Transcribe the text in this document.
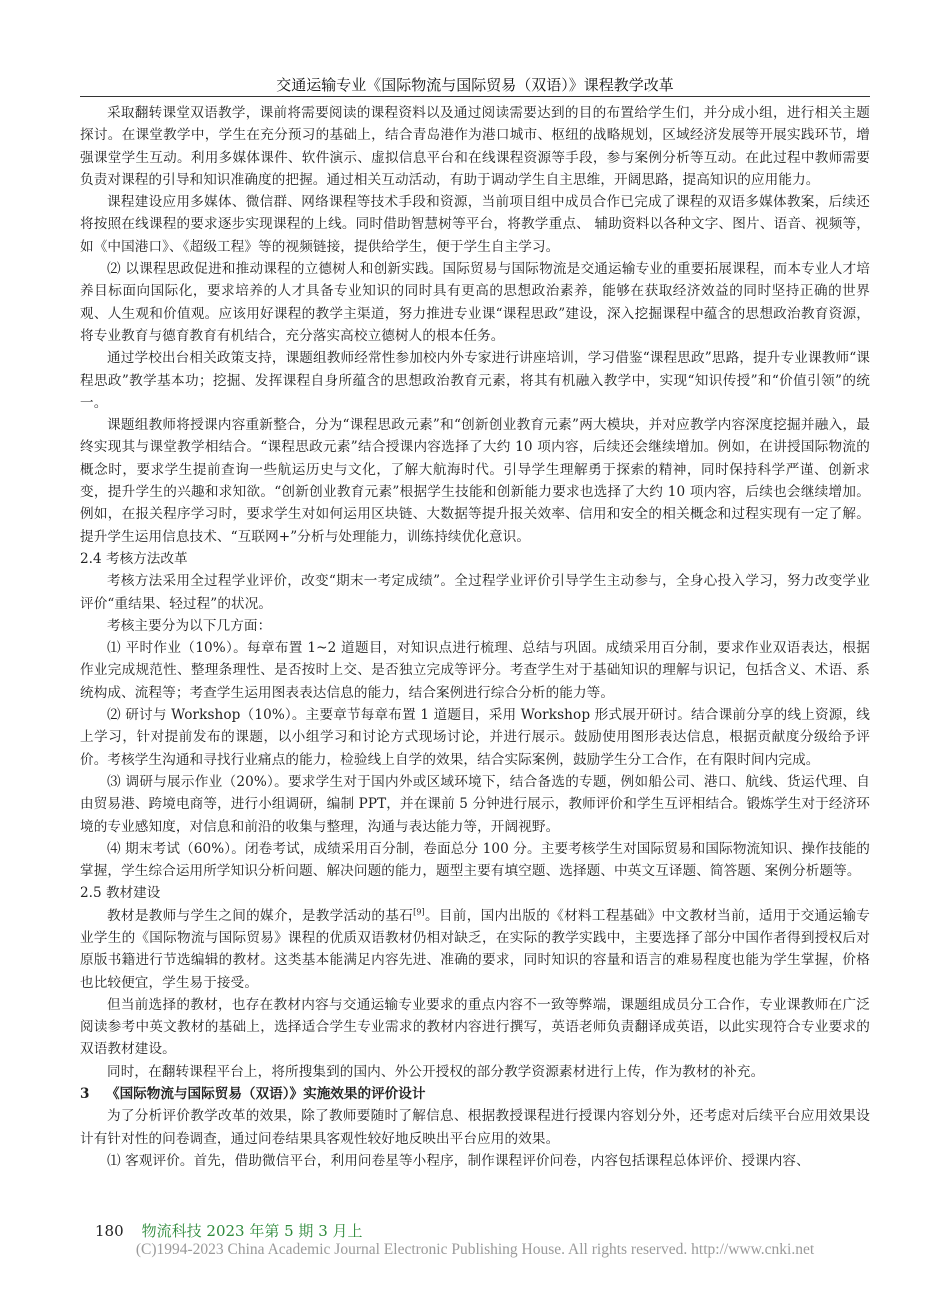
交通运输专业《国际物流与国际贸易（双语）》课程教学改革

采取翻转课堂双语教学，课前将需要阅读的课程资料以及通过阅读需要达到的目的布置给学生们，并分成小组，进行相关主题探讨。在课堂教学中，学生在充分预习的基础上，结合青岛港作为港口城市、枢纽的战略规划，区域经济发展等开展实践环节，增强课堂学生互动。利用多媒体课件、软件演示、虚拟信息平台和在线课程资源等手段，参与案例分析等互动。在此过程中教师需要负责对课程的引导和知识准确度的把握。通过相关互动活动，有助于调动学生自主思维，开阔思路，提高知识的应用能力。

课程建设应用多媒体、微信群、网络课程等技术手段和资源，当前项目组中成员合作已完成了课程的双语多媒体教案，后续还将按照在线课程的要求逐步实现课程的上线。同时借助智慧树等平台，将教学重点、 辅助资料以各种文字、图片、语音、视频等，如《中国港口》、《超级工程》等的视频链接，提供给学生，便于学生自主学习。

⑵ 以课程思政促进和推动课程的立德树人和创新实践。国际贸易与国际物流是交通运输专业的重要拓展课程，而本专业人才培养目标面向国际化，要求培养的人才具备专业知识的同时具有更高的思想政治素养，能够在获取经济效益的同时坚持正确的世界观、人生观和价值观。应该用好课程的教学主渠道，努力推进专业课“课程思政”建设，深入挖掘课程中蕴含的思想政治教育资源，将专业教育与德育教育有机结合，充分落实高校立德树人的根本任务。

通过学校出台相关政策支持，课题组教师经常性参加校内外专家进行讲座培训，学习借鉴“课程思政”思路，提升专业课教师“课程思政”教学基本功；挖掘、发挥课程自身所蕴含的思想政治教育元素，将其有机融入教学中，实现“知识传授”和“价值引领”的统一。

课题组教师将授课内容重新整合，分为“课程思政元素”和“创新创业教育元素”两大模块，并对应教学内容深度挖掘并融入，最终实现其与课堂教学相结合。“课程思政元素”结合授课内容选择了大约 10 项内容，后续还会继续增加。例如，在讲授国际物流的概念时，要求学生提前查询一些航运历史与文化，了解大航海时代。引导学生理解勇于探索的精神，同时保持科学严谨、创新求变，提升学生的兴趣和求知欲。“创新创业教育元素”根据学生技能和创新能力要求也选择了大约 10 项内容，后续也会继续增加。例如，在报关程序学习时，要求学生对如何运用区块链、大数据等提升报关效率、信用和安全的相关概念和过程实现有一定了解。提升学生运用信息技术、“互联网+”分析与处理能力，训练持续优化意识。

2.4 考核方法改革

考核方法采用全过程学业评价，改变“期末一考定成绩”。全过程学业评价引导学生主动参与，全身心投入学习，努力改变学业评价“重结果、轻过程”的状况。

考核主要分为以下几方面：

⑴ 平时作业（10%）。每章布置 1~2 道题目，对知识点进行梳理、总结与巩固。成绩采用百分制，要求作业双语表达，根据作业完成规范性、整理条理性、是否按时上交、是否独立完成等评分。考查学生对于基础知识的理解与识记，包括含义、术语、系统构成、流程等；考查学生运用图表表达信息的能力，结合案例进行综合分析的能力等。

⑵ 研讨与 Workshop（10%）。主要章节每章布置 1 道题目，采用 Workshop 形式展开研讨。结合课前分享的线上资源，线上学习，针对提前发布的课题，以小组学习和讨论方式现场讨论，并进行展示。鼓励使用图形表达信息，根据贡献度分级给予评价。考核学生沟通和寻找行业痛点的能力，检验线上自学的效果，结合实际案例，鼓励学生分工合作，在有限时间内完成。

⑶ 调研与展示作业（20%）。要求学生对于国内外或区域环境下，结合备选的专题，例如船公司、港口、航线、货运代理、自由贸易港、跨境电商等，进行小组调研，编制 PPT，并在课前 5 分钟进行展示，教师评价和学生互评相结合。锻炼学生对于经济环境的专业感知度，对信息和前沿的收集与整理，沟通与表达能力等，开阔视野。

⑷ 期末考试（60%）。闭卷考试，成绩采用百分制，卷面总分 100 分。主要考核学生对国际贸易和国际物流知识、操作技能的掌握，学生综合运用所学知识分析问题、解决问题的能力，题型主要有填空题、选择题、中英文互译题、简答题、案例分析题等。

2.5 教材建设

教材是教师与学生之间的媒介，是教学活动的基石[9]。目前，国内出版的《材料工程基础》中文教材当前，适用于交通运输专业学生的《国际物流与国际贸易》课程的优质双语教材仍相对缺乏，在实际的教学实践中，主要选择了部分中国作者得到授权后对原版书籍进行节选编辑的教材。这类基本能满足内容先进、准确的要求，同时知识的容量和语言的难易程度也能为学生掌握，价格也比较便宜，学生易于接受。

但当前选择的教材，也存在教材内容与交通运输专业要求的重点内容不一致等弊端，课题组成员分工合作，专业课教师在广泛阅读参考中英文教材的基础上，选择适合学生专业需求的教材内容进行撰写，英语老师负责翻译成英语，以此实现符合专业要求的双语教材建设。

同时，在翻转课程平台上，将所搜集到的国内、外公开授权的部分教学资源素材进行上传，作为教材的补充。

3 《国际物流与国际贸易（双语）》实施效果的评价设计

为了分析评价教学改革的效果，除了教师要随时了解信息、根据教授课程进行授课内容划分外，还考虑对后续平台应用效果设计有针对性的问卷调查，通过问卷结果具客观性较好地反映出平台应用的效果。

⑴ 客观评价。首先，借助微信平台，利用问卷星等小程序，制作课程评价问卷，内容包括课程总体评价、授课内容、

180 物流科技 2023 年第 5 期 3 月上
(C)1994-2023 China Academic Journal Electronic Publishing House. All rights reserved. http://www.cnki.net
